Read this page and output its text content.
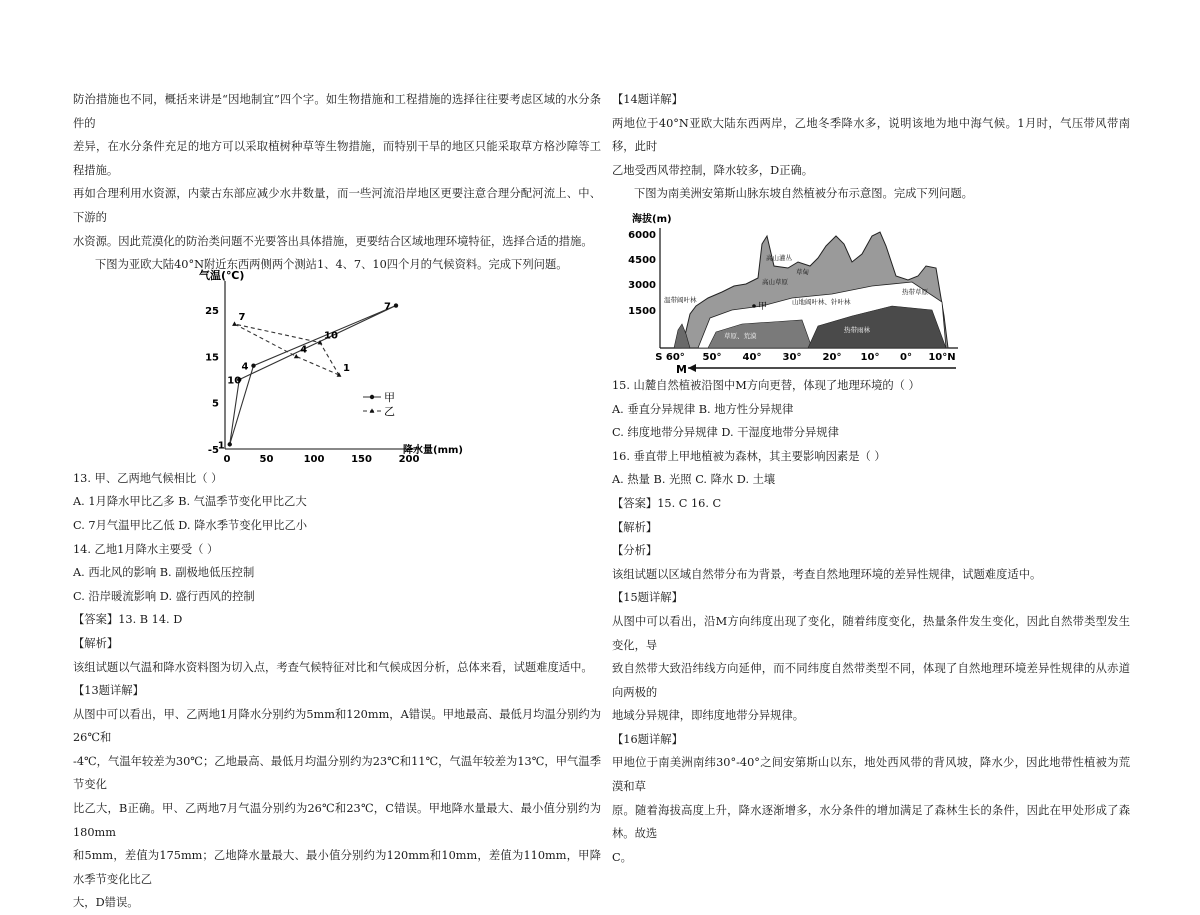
防治措施也不同，概括来讲是“因地制宜”四个字。如生物措施和工程措施的选择往往要考虑区域的水分条件的

差异，在水分条件充足的地方可以采取植树种草等生物措施，而特别干旱的地区只能采取草方格沙障等工程措施。

再如合理利用水资源，内蒙古东部应减少水井数量，而一些河流沿岸地区更要注意合理分配河流上、中、下游的

水资源。因此荒漠化的防治类问题不光要答出具体措施，更要结合区域地理环境特征，选择合适的措施。

下图为亚欧大陆40°N附近东西两侧两个测站1、4、7、10四个月的气候资料。完成下列问题。

气温(℃)
降水量(mm)
-5
5
15
25
0	50	100	150	200
1
4
7
10
1
4
7
10
甲
乙

13. 甲、乙两地气候相比（ ）

A. 1月降水甲比乙多 B. 气温季节变化甲比乙大

C. 7月气温甲比乙低 D. 降水季节变化甲比乙小

14. 乙地1月降水主要受（ ）

A. 西北风的影响 B. 副极地低压控制

C. 沿岸暖流影响 D. 盛行西风的控制

【答案】13. B 14. D

【解析】

该组试题以气温和降水资料图为切入点，考查气候特征对比和气候成因分析，总体来看，试题难度适中。

【13题详解】

从图中可以看出，甲、乙两地1月降水分别约为5mm和120mm，A错误。甲地最高、最低月均温分别约为26℃和

-4℃，气温年较差为30℃；乙地最高、最低月均温分别约为23℃和11℃，气温年较差为13℃，甲气温季节变化

比乙大，B正确。甲、乙两地7月气温分别约为26℃和23℃，C错误。甲地降水量最大、最小值分别约为180mm

和5mm，差值为175mm；乙地降水量最大、最小值分别约为120mm和10mm，差值为110mm，甲降水季节变化比乙

大，D错误。

【14题详解】

两地位于40°N亚欧大陆东西两岸，乙地冬季降水多，说明该地为地中海气候。1月时，气压带风带南移，此时

乙地受西风带控制，降水较多，D正确。

下图为南美洲安第斯山脉东坡自然植被分布示意图。完成下列问题。

海拔(m)
6000
4500
3000
1500	甲
温带阔叶林
热带草原
热带雨林
草原、荒漠
山地阔叶林、针叶林
高山草原
草甸
高山灌丛
S 60° 50° 40° 30° 20° 10° 0° 10°N
M

15. 山麓自然植被沿图中M方向更替，体现了地理环境的（ ）

A. 垂直分异规律 B. 地方性分异规律

C. 纬度地带分异规律 D. 干湿度地带分异规律

16. 垂直带上甲地植被为森林，其主要影响因素是（ ）

A. 热量 B. 光照 C. 降水 D. 土壤

【答案】15. C 16. C

【解析】

【分析】

该组试题以区域自然带分布为背景，考查自然地理环境的差异性规律，试题难度适中。

【15题详解】

从图中可以看出，沿M方向纬度出现了变化，随着纬度变化，热量条件发生变化，因此自然带类型发生变化，导

致自然带大致沿纬线方向延伸，而不同纬度自然带类型不同，体现了自然地理环境差异性规律的从赤道向两极的

地域分异规律，即纬度地带分异规律。

【16题详解】

甲地位于南美洲南纬30°-40°之间安第斯山以东，地处西风带的背风坡，降水少，因此地带性植被为荒漠和草

原。随着海拔高度上升，降水逐渐增多，水分条件的增加满足了森林生长的条件，因此在甲处形成了森林。故选

C。
